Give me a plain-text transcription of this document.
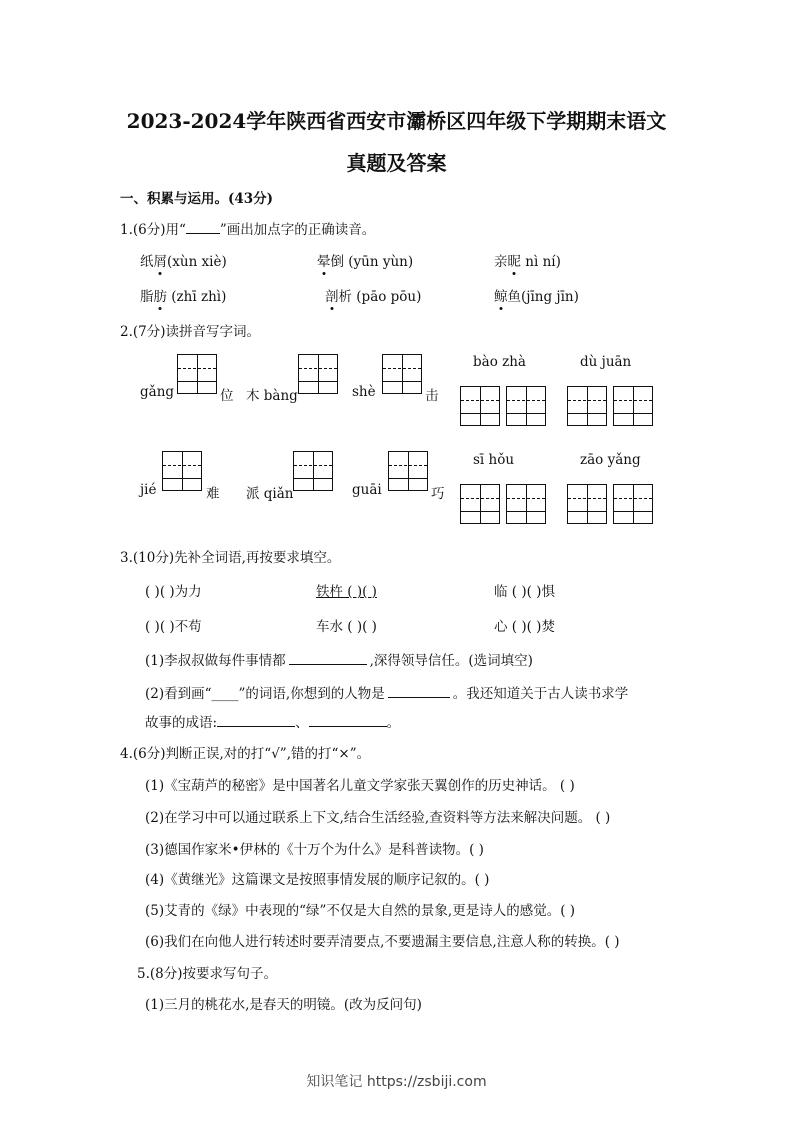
2023-2024学年陕西省西安市灞桥区四年级下学期期末语文
真题及答案
一、积累与运用。(43分)
1.(6分)用“	”画出加点字的正确读音。
纸屑(xùn xiè)	晕倒 (yūn yùn)	亲昵 nì ní)
脂肪 (zhī zhì)	剖析 (pāo pōu)	鲸鱼(jīng jīn)
2.(7分)读拼音写字词。
gǎng	位 木 bàng	shè	击
bào zhà	dù juān
jié	难 派 qiǎn	guāi	巧
sī hǒu	zāo yǎng
3.(10分)先补全词语,再按要求填空。
( )( )为力	铁杵 ( )( )	临 ( )( )惧
( )( )不苟	车水 ( )( )	心 ( )( )焚
(1)李叔叔做每件事情都	,深得领导信任。(选词填空)
(2)看到画“____”的词语,你想到的人物是	。我还知道关于古人读书求学
故事的成语:	、	。
4.(6分)判断正误,对的打“√”,错的打“×”。
(1)《宝葫芦的秘密》是中国著名儿童文学家张天翼创作的历史神话。 ( )
(2)在学习中可以通过联系上下文,结合生活经验,查资料等方法来解决问题。 ( )
(3)德国作家米•伊林的《十万个为什么》是科普读物。( )
(4)《黄继光》这篇课文是按照事情发展的顺序记叙的。( )
(5)艾青的《绿》中表现的“绿”不仅是大自然的景象,更是诗人的感觉。( )
(6)我们在向他人进行转述时要弄清要点,不要遗漏主要信息,注意人称的转换。( )
5.(8分)按要求写句子。
(1)三月的桃花水,是春天的明镜。(改为反问句)
知识笔记 https://zsbiji.com
